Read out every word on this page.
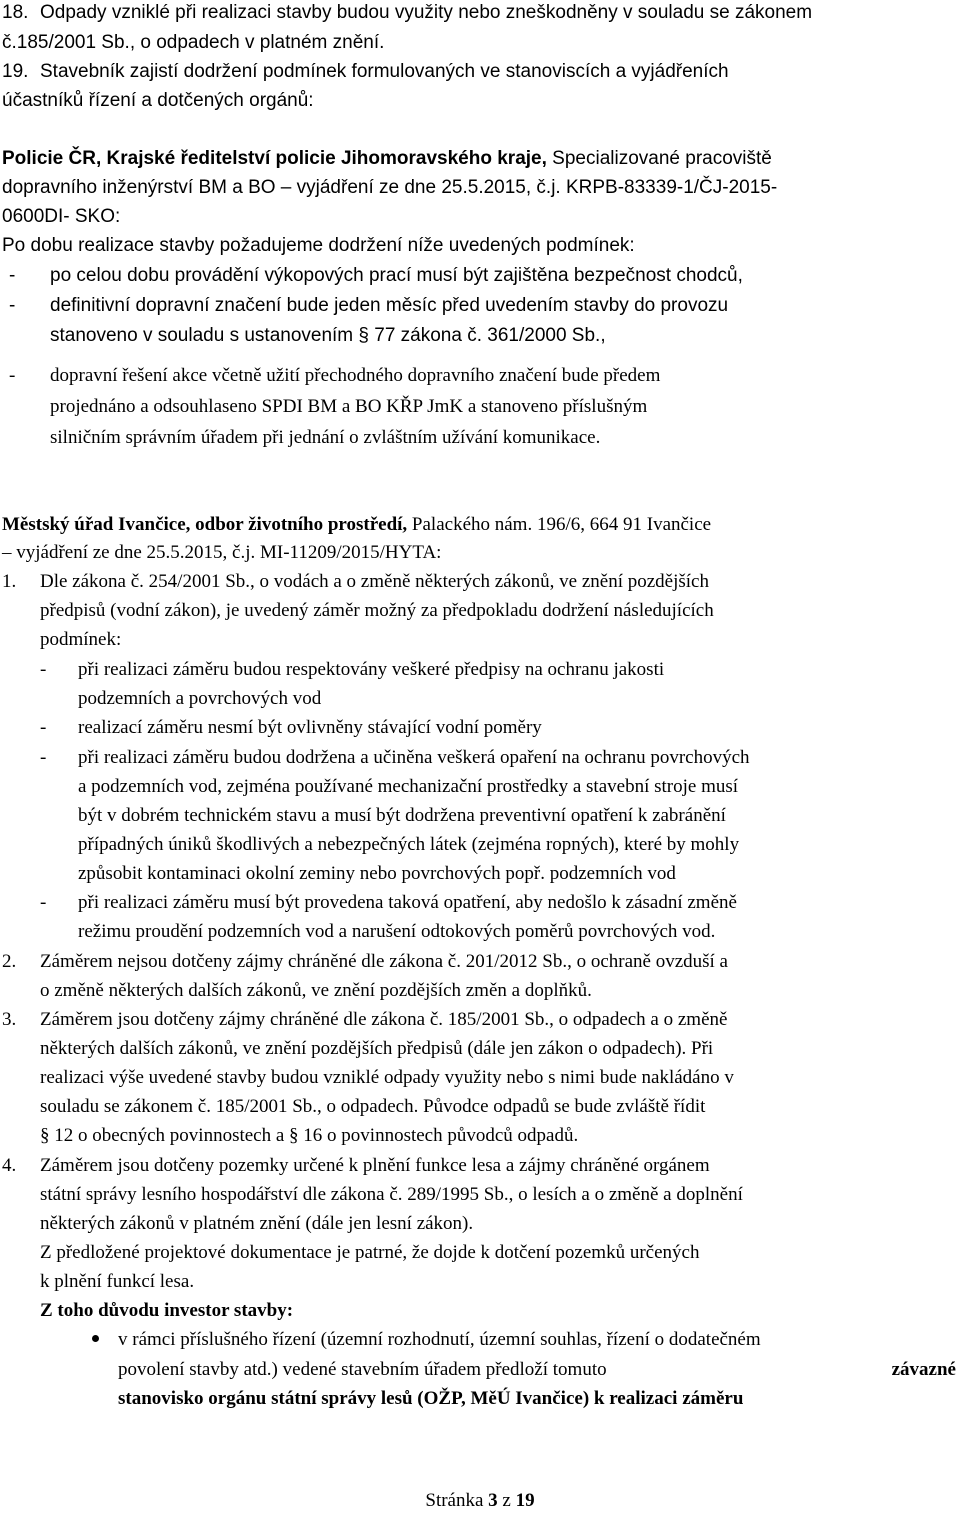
18. Odpady vzniklé při realizaci stavby budou využity nebo zneškodněny v souladu se zákonem
č.185/2001 Sb., o odpadech v platném znění.
19. Stavebník zajistí dodržení podmínek formulovaných ve stanoviscích a vyjádřeních
účastníků řízení a dotčených orgánů:
Policie ČR, Krajské ředitelství policie Jihomoravského kraje, Specializované pracoviště
dopravního inženýrství BM a BO – vyjádření ze dne 25.5.2015, č.j. KRPB-83339-1/ČJ-2015-
0600DI- SKO:
Po dobu realizace stavby požadujeme dodržení níže uvedených podmínek:
- po celou dobu provádění výkopových prací musí být zajištěna bezpečnost chodců,
- definitivní dopravní značení bude jeden měsíc před uvedením stavby do provozu
stanoveno v souladu s ustanovením § 77 zákona č. 361/2000 Sb.,
- dopravní řešení akce včetně užití přechodného dopravního značení bude předem
projednáno a odsouhlaseno SPDI BM a BO KŘP JmK a stanoveno příslušným
silničním správním úřadem při jednání o zvláštním užívání komunikace.
Městský úřad Ivančice, odbor životního prostředí, Palackého nám. 196/6, 664 91 Ivančice
– vyjádření ze dne 25.5.2015, č.j. MI-11209/2015/HYTA:
1. Dle zákona č. 254/2001 Sb., o vodách a o změně některých zákonů, ve znění pozdějších
předpisů (vodní zákon), je uvedený záměr možný za předpokladu dodržení následujících
podmínek:
- při realizaci záměru budou respektovány veškeré předpisy na ochranu jakosti
podzemních a povrchových vod
- realizací záměru nesmí být ovlivněny stávající vodní poměry
- při realizaci záměru budou dodržena a učiněna veškerá opaření na ochranu povrchových
a podzemních vod, zejména používané mechanizační prostředky a stavební stroje musí
být v dobrém technickém stavu a musí být dodržena preventivní opatření k zabránění
případných úniků škodlivých a nebezpečných látek (zejména ropných), které by mohly
způsobit kontaminaci okolní zeminy nebo povrchových popř. podzemních vod
- při realizaci záměru musí být provedena taková opatření, aby nedošlo k zásadní změně
režimu proudění podzemních vod a narušení odtokových poměrů povrchových vod.
2. Záměrem nejsou dotčeny zájmy chráněné dle zákona č. 201/2012 Sb., o ochraně ovzduší a
o změně některých dalších zákonů, ve znění pozdějších změn a doplňků.
3. Záměrem jsou dotčeny zájmy chráněné dle zákona č. 185/2001 Sb., o odpadech a o změně
některých dalších zákonů, ve znění pozdějších předpisů (dále jen zákon o odpadech). Při
realizaci výše uvedené stavby budou vzniklé odpady využity nebo s nimi bude nakládáno v
souladu se zákonem č. 185/2001 Sb., o odpadech. Původce odpadů se bude zvláště řídit
§ 12 o obecných povinnostech a § 16 o povinnostech původců odpadů.
4. Záměrem jsou dotčeny pozemky určené k plnění funkce lesa a zájmy chráněné orgánem
státní správy lesního hospodářství dle zákona č. 289/1995 Sb., o lesích a o změně a doplnění
některých zákonů v platném znění (dále jen lesní zákon).
Z předložené projektové dokumentace je patrné, že dojde k dotčení pozemků určených
k plnění funkcí lesa.
Z toho důvodu investor stavby:
v rámci příslušného řízení (územní rozhodnutí, územní souhlas, řízení o dodatečném
povolení stavby atd.) vedené stavebním úřadem předloží tomuto	závazné
stanovisko orgánu státní správy lesů (OŽP, MěÚ Ivančice) k realizaci záměru
Stránka 3 z 19
